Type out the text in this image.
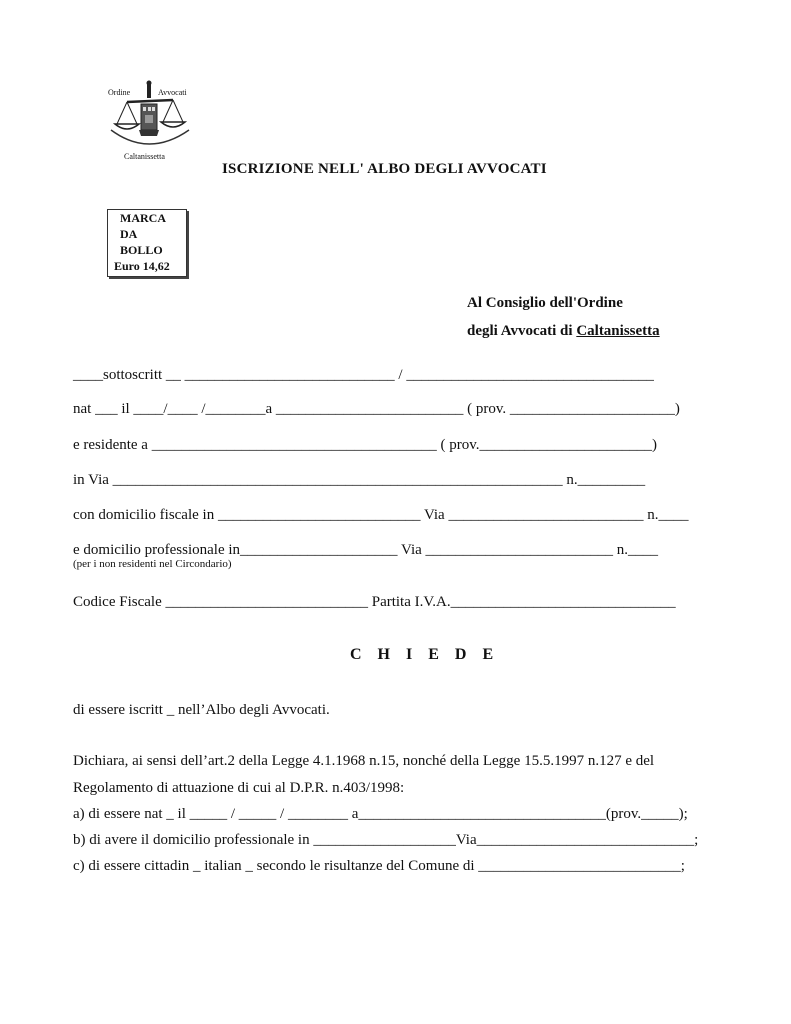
Ordine	Avvocati
Caltanissetta
ISCRIZIONE NELL' ALBO DEGLI AVVOCATI
MARCA
DA
BOLLO
Euro 14,62
Al Consiglio dell'Ordine
degli Avvocati di Caltanissetta
____sottoscritt __ ____________________________ / _________________________________
nat ___ il ____/____ /________a _________________________ ( prov. ______________________)
e residente a ______________________________________ ( prov._______________________)
in Via ____________________________________________________________ n._________
con domicilio fiscale in ___________________________ Via __________________________ n.____
e domicilio professionale in_____________________ Via _________________________ n.____
(per i non residenti nel Circondario)
Codice Fiscale ___________________________ Partita I.V.A.______________________________
C H I E D E
di essere iscritt _ nell’Albo degli Avvocati.
Dichiara, ai sensi dell’art.2 della Legge 4.1.1968 n.15, nonché della Legge 15.5.1997 n.127 e del
Regolamento di attuazione di cui al D.P.R. n.403/1998:
a) di essere nat _ il _____ / _____ / ________ a_________________________________(prov._____);
b) di avere il domicilio professionale in ___________________Via_____________________________;
c) di essere cittadin _ italian _ secondo le risultanze del Comune di ___________________________;
